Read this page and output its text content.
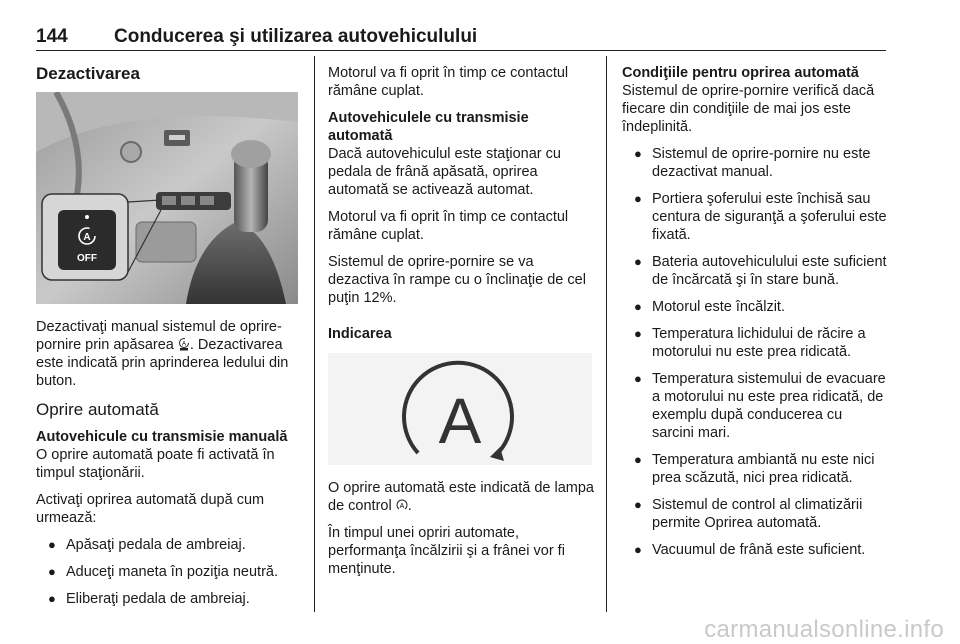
144 Conducerea şi utilizarea autovehiculului
Dezactivarea
A
OFF

Dezactivaţi manual sistemul de oprire-pornire prin apăsarea A . Dezactivarea este indicată prin aprinderea ledului din buton.

Oprire automată
Autovehicule cu transmisie manuală

O oprire automată poate fi activată în timpul staţionării.

Activaţi oprirea automată după cum urmează:

● Apăsaţi pedala de ambreiaj.
● Aduceţi maneta în poziţia neutră.
● Eliberaţi pedala de ambreiaj.

Motorul va fi oprit în timp ce contactul rămâne cuplat.

Autovehiculele cu transmisie automată

Dacă autovehiculul este staţionar cu pedala de frână apăsată, oprirea automată se activează automat.

Motorul va fi oprit în timp ce contactul rămâne cuplat.

Sistemul de oprire-pornire se va dezactiva în rampe cu o înclinaţie de cel puţin 12%.

Indicarea
A

O oprire automată este indicată de lampa de control A .

În timpul unei opriri automate, performanţa încălzirii şi a frânei vor fi menţinute.

Condiţiile pentru oprirea automată

Sistemul de oprire-pornire verifică dacă fiecare din condiţiile de mai jos este îndeplinită.

● Sistemul de oprire-pornire nu este dezactivat manual.
● Portiera şoferului este închisă sau centura de siguranţă a şoferului este fixată.
● Bateria autovehiculului este suficient de încărcată şi în stare bună.
● Motorul este încălzit.
● Temperatura lichidului de răcire a motorului nu este prea ridicată.
● Temperatura sistemului de evacuare a motorului nu este prea ridicată, de exemplu după conducerea cu sarcini mari.
● Temperatura ambiantă nu este nici prea scăzută, nici prea ridicată.
● Sistemul de control al climatizării permite Oprirea automată.
● Vacuumul de frână este suficient.
carmanualsonline.info
